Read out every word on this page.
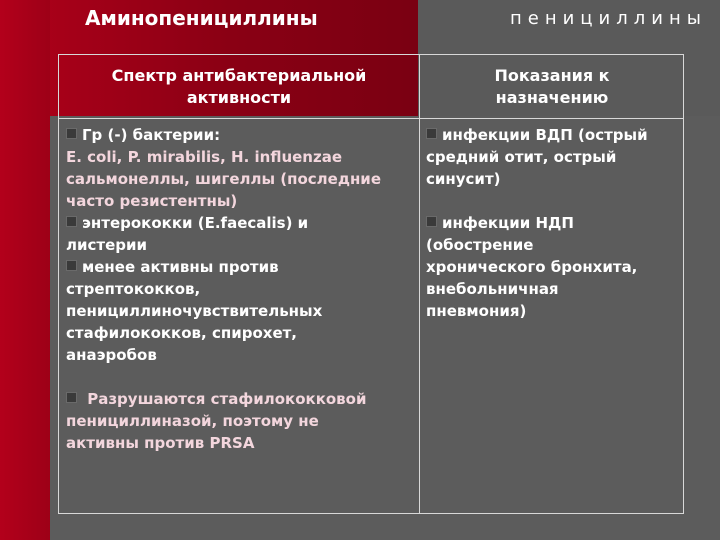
Аминопенициллины	пенициллины
Спектр антибактериальной
активности
Показания к
назначению
Гр (-) бактерии:
E. coli, P. mirabilis, H. influenzae
сальмонеллы, шигеллы (последние
часто резистентны)
энтерококки (E.faecalis) и
листерии
менее активны против
стрептококков,
пенициллиночувствительных
стафилококков, спирохет,
анаэробов
Разрушаются стафилококковой
пенициллиназой, поэтому не
активны против PRSA
инфекции ВДП (острый
средний отит, острый
синусит)
инфекции НДП
(обострение
хронического бронхита,
внебольничная
пневмония)
